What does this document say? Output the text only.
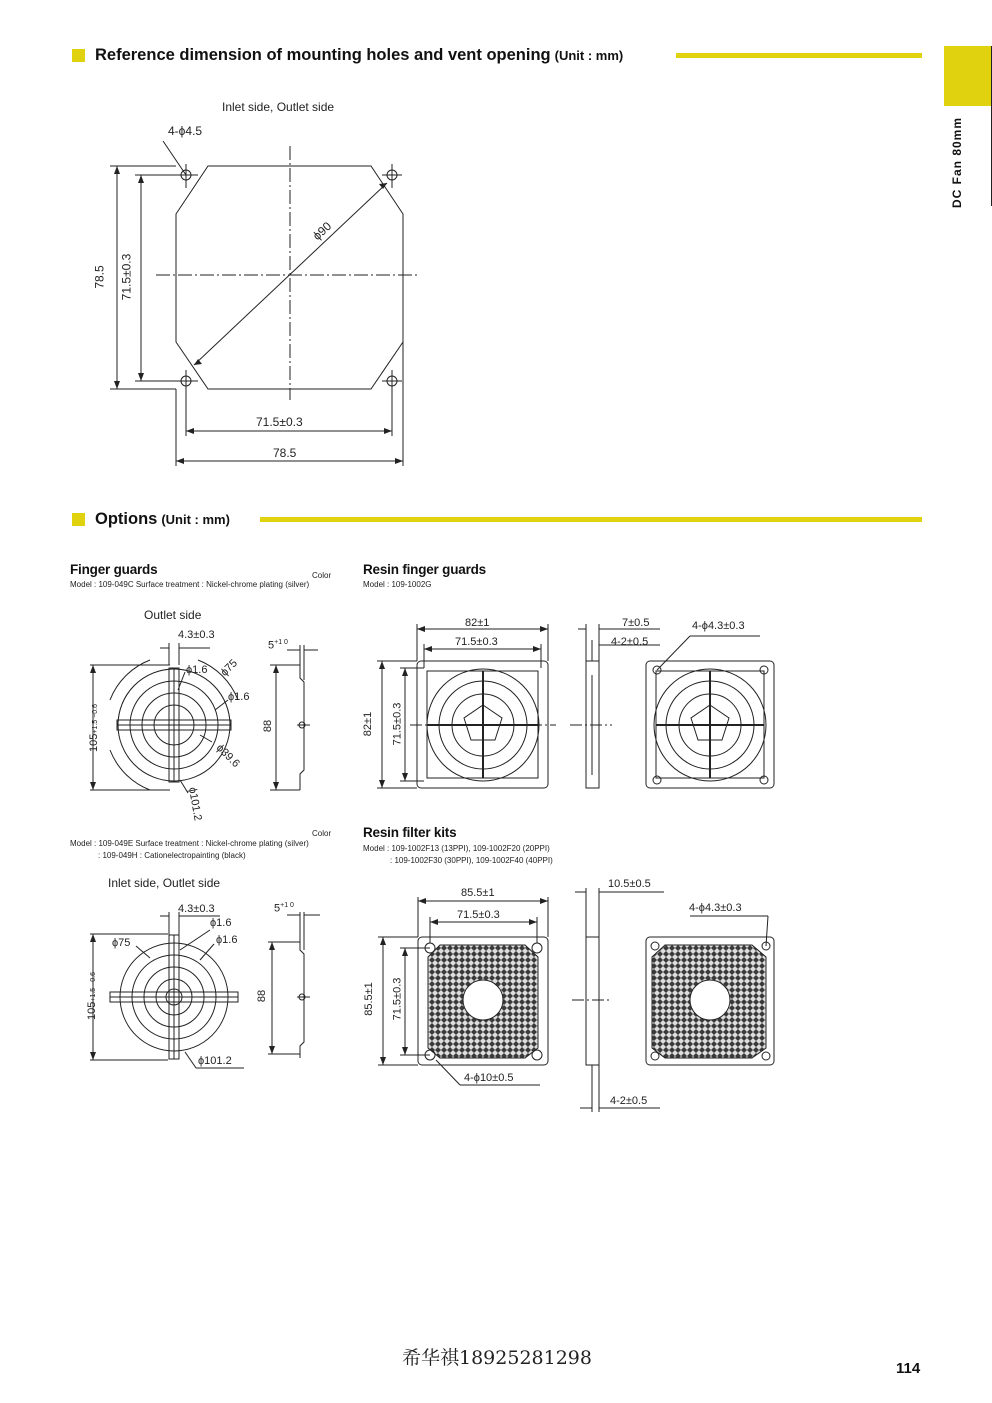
DC Fan 80mm
Reference dimension of mounting holes and vent opening (Unit : mm)
Inlet side, Outlet side
4-ϕ4.5
ϕ90
78.5 71.5±0.3
71.5±0.3
78.5
Options (Unit : mm)
Finger guards	Color
Model : 109-049C Surface treatment : Nickel-chrome plating (silver)
Outlet side
4.3±0.3
ϕ1.6 ϕ75
ϕ1.6
ϕ39.6
ϕ101.2
105+1.5 −0.6
$5^{+1 0}$
88
Color
Model : 109-049E Surface treatment : Nickel-chrome plating (silver)
: 109-049H : Cationelectropainting (black)
Inlet side, Outlet side
4.3±0.3
ϕ1.6
ϕ75	ϕ1.6
ϕ101.2
105+1.5 −0.6
$5^{+1 0}$
88
Resin finger guards
Model : 109-1002G
82±1
71.5±0.3
82±1 71.5±0.3
7±0.5
4-2±0.5
4-ϕ4.3±0.3
Resin filter kits
Model : 109-1002F13 (13PPI), 109-1002F20 (20PPI)
: 109-1002F30 (30PPI), 109-1002F40 (40PPI)
85.5±1
71.5±0.3
85.5±1 71.5±0.3
10.5±0.5
4-ϕ4.3±0.3
4-ϕ10±0.5
4-2±0.5
希华祺18925281298	114
